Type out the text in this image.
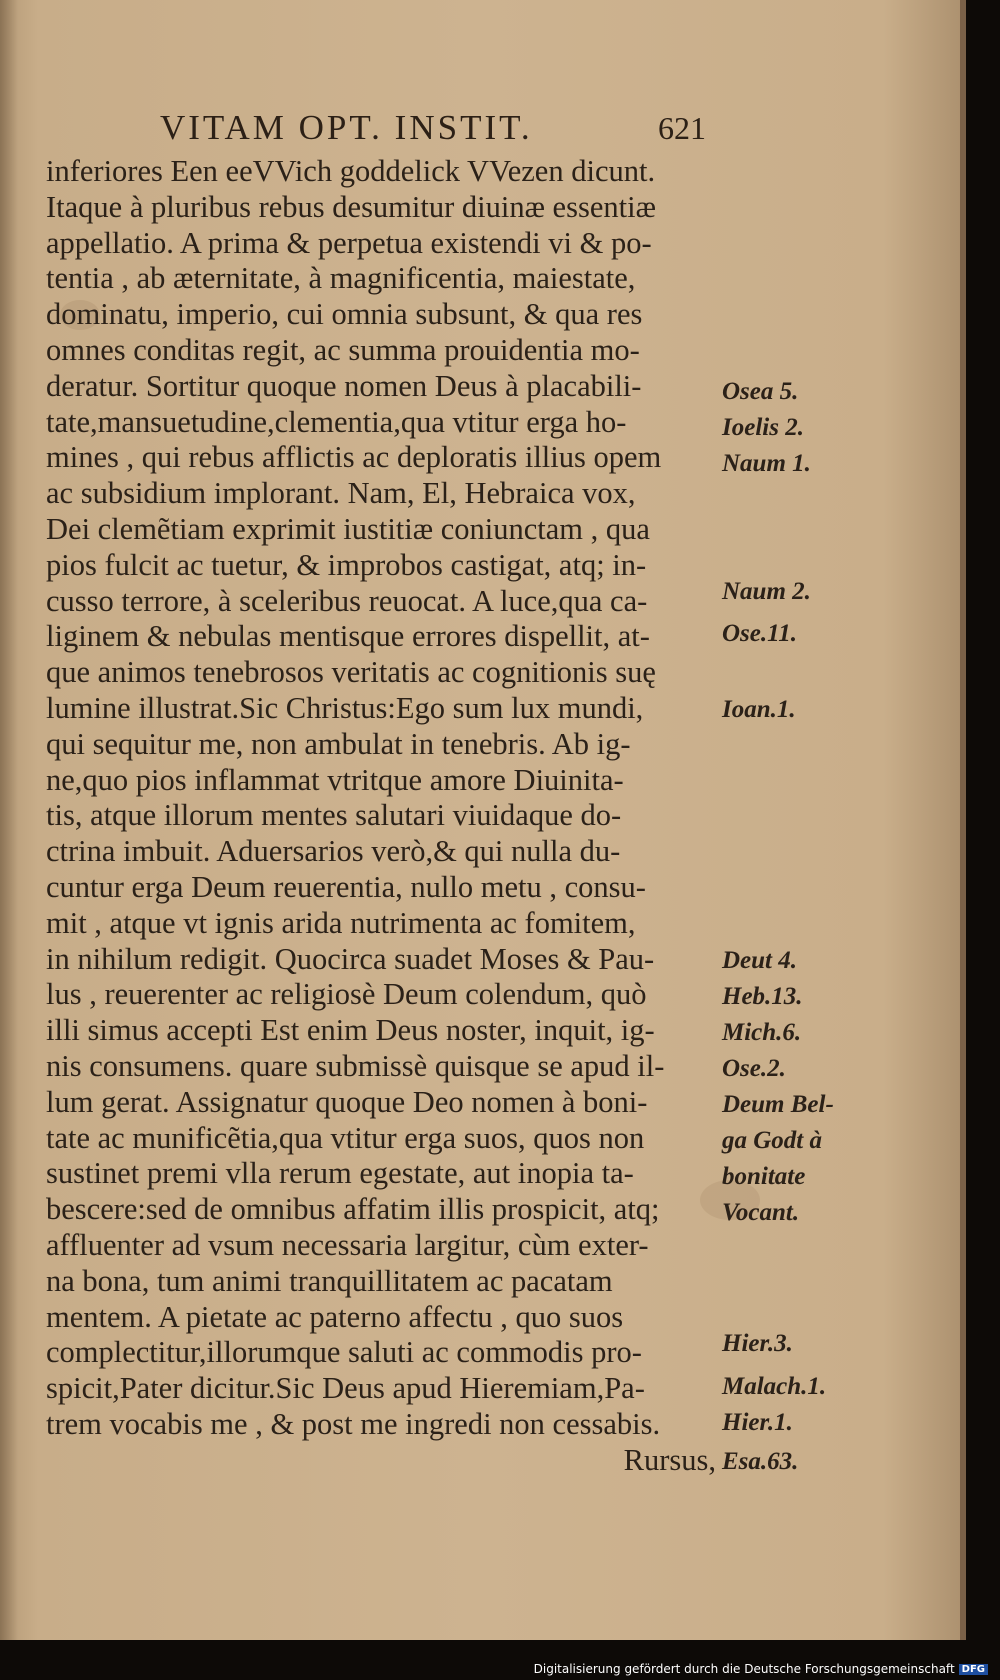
VITAM OPT. INSTIT.	621
inferiores Een eeVVich goddelick VVezen dicunt.
Itaque à pluribus rebus desumitur diuinæ essentiæ
appellatio. A prima & perpetua existendi vi & po-
tentia , ab æternitate, à magnificentia, maiestate,
dominatu, imperio, cui omnia subsunt, & qua res
omnes conditas regit, ac summa prouidentia mo-
deratur. Sortitur quoque nomen Deus à placabili-
tate,mansuetudine,clementia,qua vtitur erga ho-
mines , qui rebus afflictis ac deploratis illius opem
ac subsidium implorant. Nam, El, Hebraica vox,
Dei clemẽtiam exprimit iustitiæ coniunctam , qua
pios fulcit ac tuetur, & improbos castigat, atq; in-
cusso terrore, à sceleribus reuocat. A luce,qua ca-
liginem & nebulas mentisque errores dispellit, at-
que animos tenebrosos veritatis ac cognitionis suę
lumine illustrat.Sic Christus:Ego sum lux mundi,
qui sequitur me, non ambulat in tenebris. Ab ig-
ne,quo pios inflammat vtritque amore Diuinita-
tis, atque illorum mentes salutari viuidaque do-
ctrina imbuit. Aduersarios verò,& qui nulla du-
cuntur erga Deum reuerentia, nullo metu , consu-
mit , atque vt ignis arida nutrimenta ac fomitem,
in nihilum redigit. Quocirca suadet Moses & Pau-
lus , reuerenter ac religiosè Deum colendum, quò
illi simus accepti Est enim Deus noster, inquit, ig-
nis consumens. quare submissè quisque se apud il-
lum gerat. Assignatur quoque Deo nomen à boni-
tate ac munificẽtia,qua vtitur erga suos, quos non
sustinet premi vlla rerum egestate, aut inopia ta-
bescere:sed de omnibus affatim illis prospicit, atq;
affluenter ad vsum necessaria largitur, cùm exter-
na bona, tum animi tranquillitatem ac pacatam
mentem. A pietate ac paterno affectu , quo suos
complectitur,illorumque saluti ac commodis pro-
spicit,Pater dicitur.Sic Deus apud Hieremiam,Pa-
trem vocabis me , & post me ingredi non cessabis.
Rursus,
Osea 5.
Ioelis 2.
Naum 1.
Naum 2.
Ose.11.
Ioan.1.
Deut 4.
Heb.13.
Mich.6.
Ose.2.
Deum Bel-
ga Godt à
bonitate
Vocant.
Hier.3.
Malach.1.
Hier.1.
Esa.63.
Digitalisierung gefördert durch die Deutsche Forschungsgemeinschaft DFG
